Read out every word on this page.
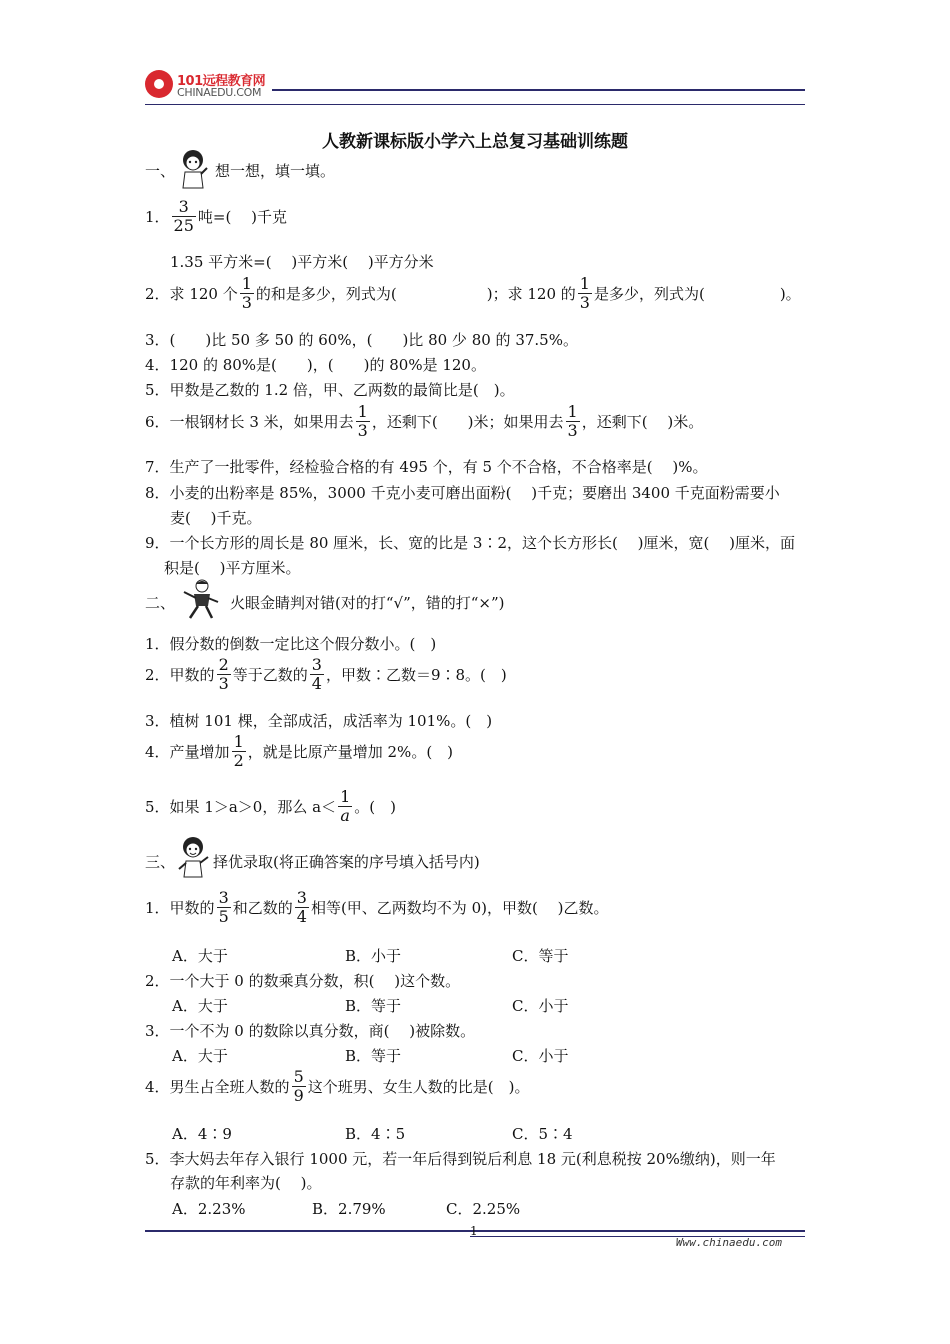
101远程教育网
CHINAEDU.COM
人教新课标版小学六上总复习基础训练题
一、	想一想，填一填。
1． $\frac{3}{25}$ 吨=(　 )千克
1.35 平方米=(　 )平方米(　 )平方分米
2． 求 120 个 $\frac{1}{3}$ 的和是多少，列式为(　　　　　　)；求 120 的 $\frac{1}{3}$ 是多少，列式为(　　　　　)。
3．(　　)比 50 多 50 的 60%，(　　)比 80 少 80 的 37.5%。
4．120 的 80%是(　　)，(　　)的 80%是 120。
5．甲数是乙数的 1.2 倍，甲、乙两数的最简比是(　)。
6． 一根钢材长 3 米，如果用去 $\frac{1}{3}$ ，还剩下(　　)米；如果用去 $\frac{1}{3}$ ，还剩下(　 )米。
7．生产了一批零件，经检验合格的有 495 个，有 5 个不合格，不合格率是(　 )%。
8．小麦的出粉率是 85%，3000 千克小麦可磨出面粉(　 )千克；要磨出 3400 千克面粉需要小
麦(　 )千克。
9．一个长方形的周长是 80 厘米，长、宽的比是 3∶2，这个长方形长(　 )厘米，宽(　 )厘米，面
积是(　 )平方厘米。
二、	火眼金睛判对错(对的打“√”，错的打“×”)
1．假分数的倒数一定比这个假分数小。(　)
2． 甲数的 $\frac{2}{3}$ 等于乙数的 $\frac{3}{4}$ ，甲数∶乙数＝9∶8。(　)
3．植树 101 棵，全部成活，成活率为 101%。(　)
4． 产量增加 $\frac{1}{2}$ ，就是比原产量增加 2%。(　)
5． 如果 1＞a＞0，那么 $a< \frac{1}{a}$ 。(　)
三、	择优录取(将正确答案的序号填入括号内)
1． 甲数的 $\frac{3}{5}$ 和乙数的 $\frac{3}{4}$ 相等(甲、乙两数均不为 0)，甲数(　 )乙数。
A．大于	B．小于	C．等于
2．一个大于 0 的数乘真分数，积(　 )这个数。
A．大于	B．等于	C．小于
3．一个不为 0 的数除以真分数，商(　 )被除数。
A．大于	B．等于	C．小于
4． 男生占全班人数的 $\frac{5}{9}$ 这个班男、女生人数的比是(　)。
A．4∶9	B．4∶5	C．5∶4
5．李大妈去年存入银行 1000 元，若一年后得到锐后利息 18 元(利息税按 20%缴纳)，则一年
存款的年利率为(　 )。
A．2.23%	B．2.79%	C．2.25%
1
Www.chinaedu.com
